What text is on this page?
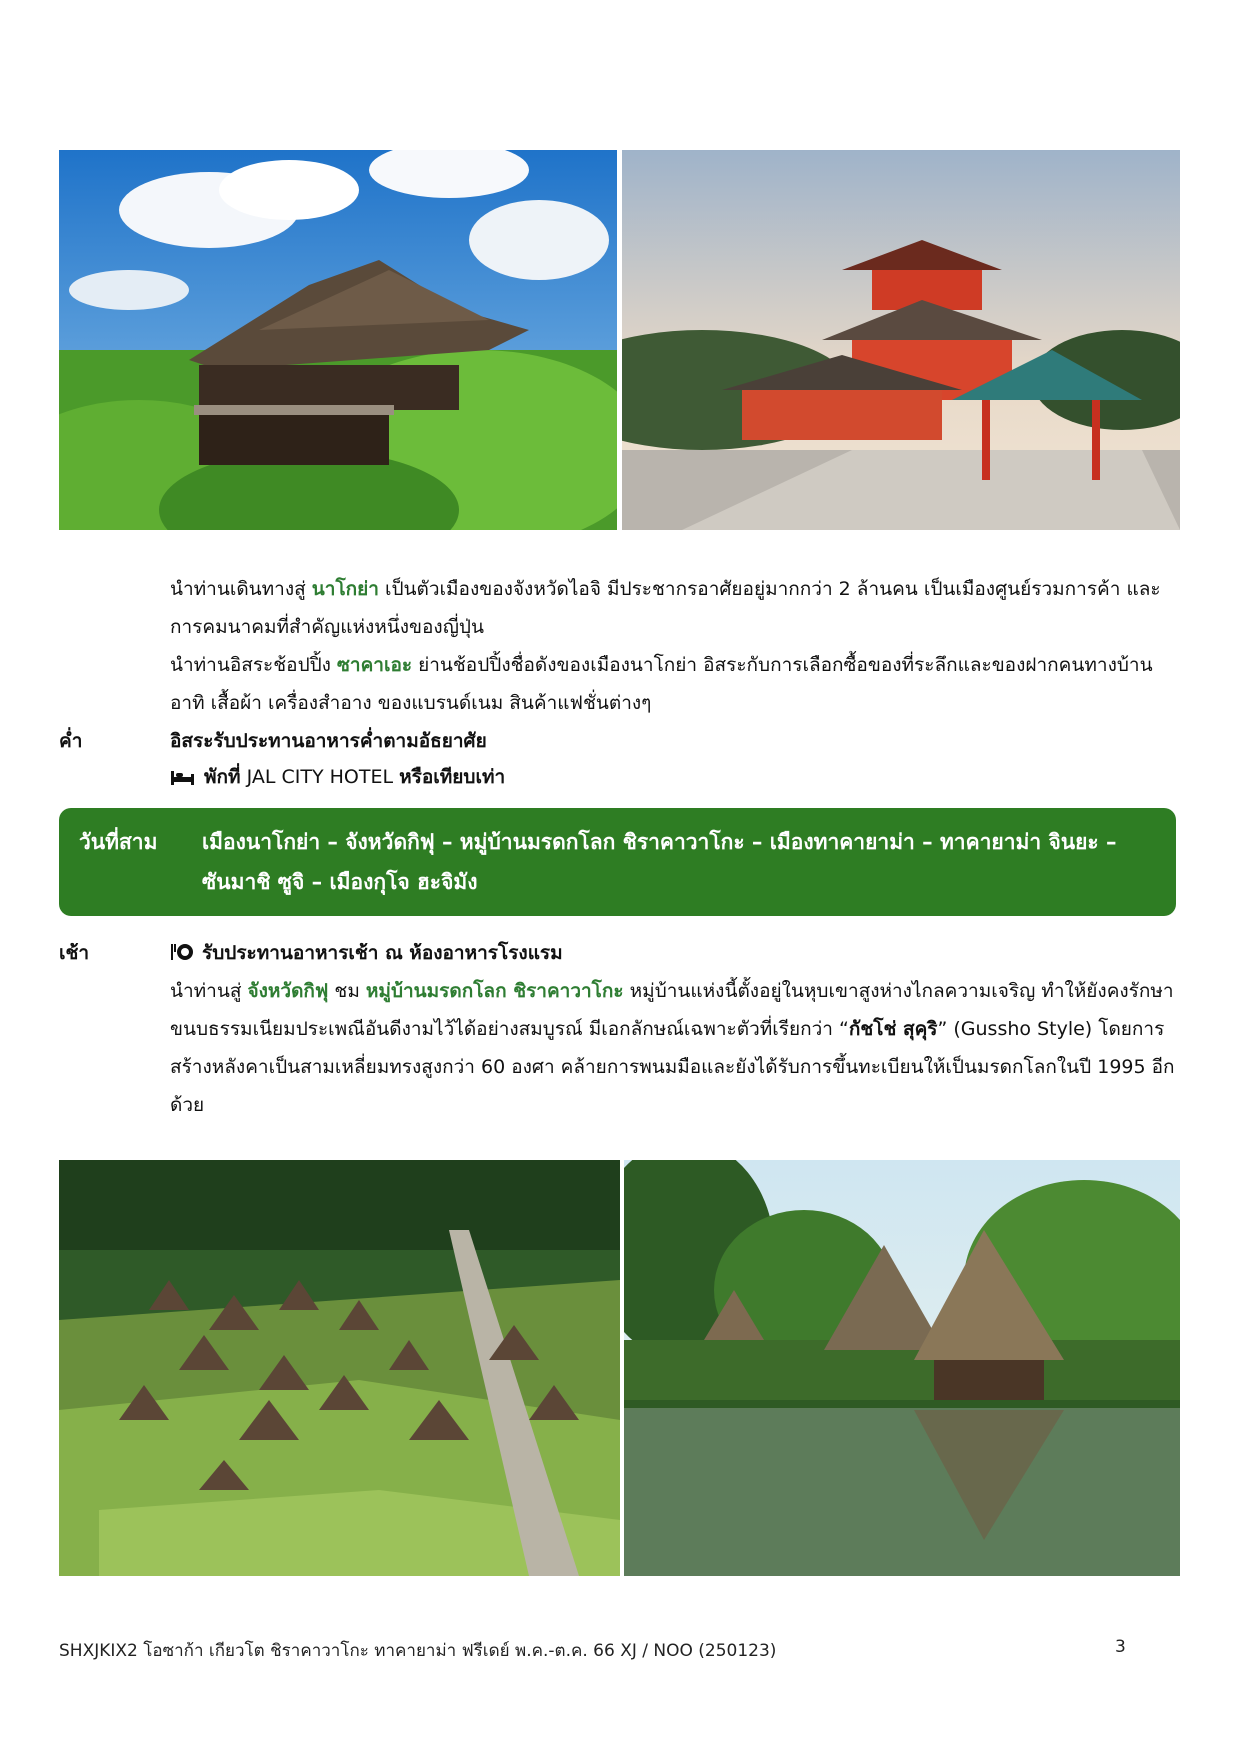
นำท่านเดินทางสู่ นาโกย่า เป็นตัวเมืองของจังหวัดไอจิ มีประชากรอาศัยอยู่มากกว่า 2 ล้านคน เป็นเมืองศูนย์รวมการค้า และการคมนาคมที่สำคัญแห่งหนึ่งของญี่ปุ่น

นำท่านอิสระช้อปปิ้ง ซาคาเอะ ย่านช้อปปิ้งชื่อดังของเมืองนาโกย่า อิสระกับการเลือกซื้อของที่ระลึกและของฝากคนทางบ้าน อาทิ เสื้อผ้า เครื่องสำอาง ของแบรนด์เนม สินค้าแฟชั่นต่างๆ

ค่ำ	อิสระรับประทานอาหารค่ำตามอัธยาศัย
พักที่ JAL CITY HOTEL หรือเทียบเท่า
วันที่สาม เมืองนาโกย่า – จังหวัดกิฟุ – หมู่บ้านมรดกโลก ชิราคาวาโกะ – เมืองทาคายาม่า – ทาคายาม่า จินยะ – ซันมาชิ ซูจิ – เมืองกุโจ ฮะจิมัง
เช้า	รับประทานอาหารเช้า ณ ห้องอาหารโรงแรม

นำท่านสู่ จังหวัดกิฟุ ชม หมู่บ้านมรดกโลก ชิราคาวาโกะ หมู่บ้านแห่งนี้ตั้งอยู่ในหุบเขาสูงห่างไกลความเจริญ ทำให้ยังคงรักษาขนบธรรมเนียมประเพณีอันดีงามไว้ได้อย่างสมบูรณ์ มีเอกลักษณ์เฉพาะตัวที่เรียกว่า “กัชโช่ สุคุริ” (Gussho Style) โดยการสร้างหลังคาเป็นสามเหลี่ยมทรงสูงกว่า 60 องศา คล้ายการพนมมือและยังได้รับการขึ้นทะเบียนให้เป็นมรดกโลกในปี 1995 อีกด้วย

SHXJKIX2 โอซาก้า เกียวโต ชิราคาวาโกะ ทาคายาม่า ฟรีเดย์ พ.ค.-ต.ค. 66 XJ / NOO (250123)	3
